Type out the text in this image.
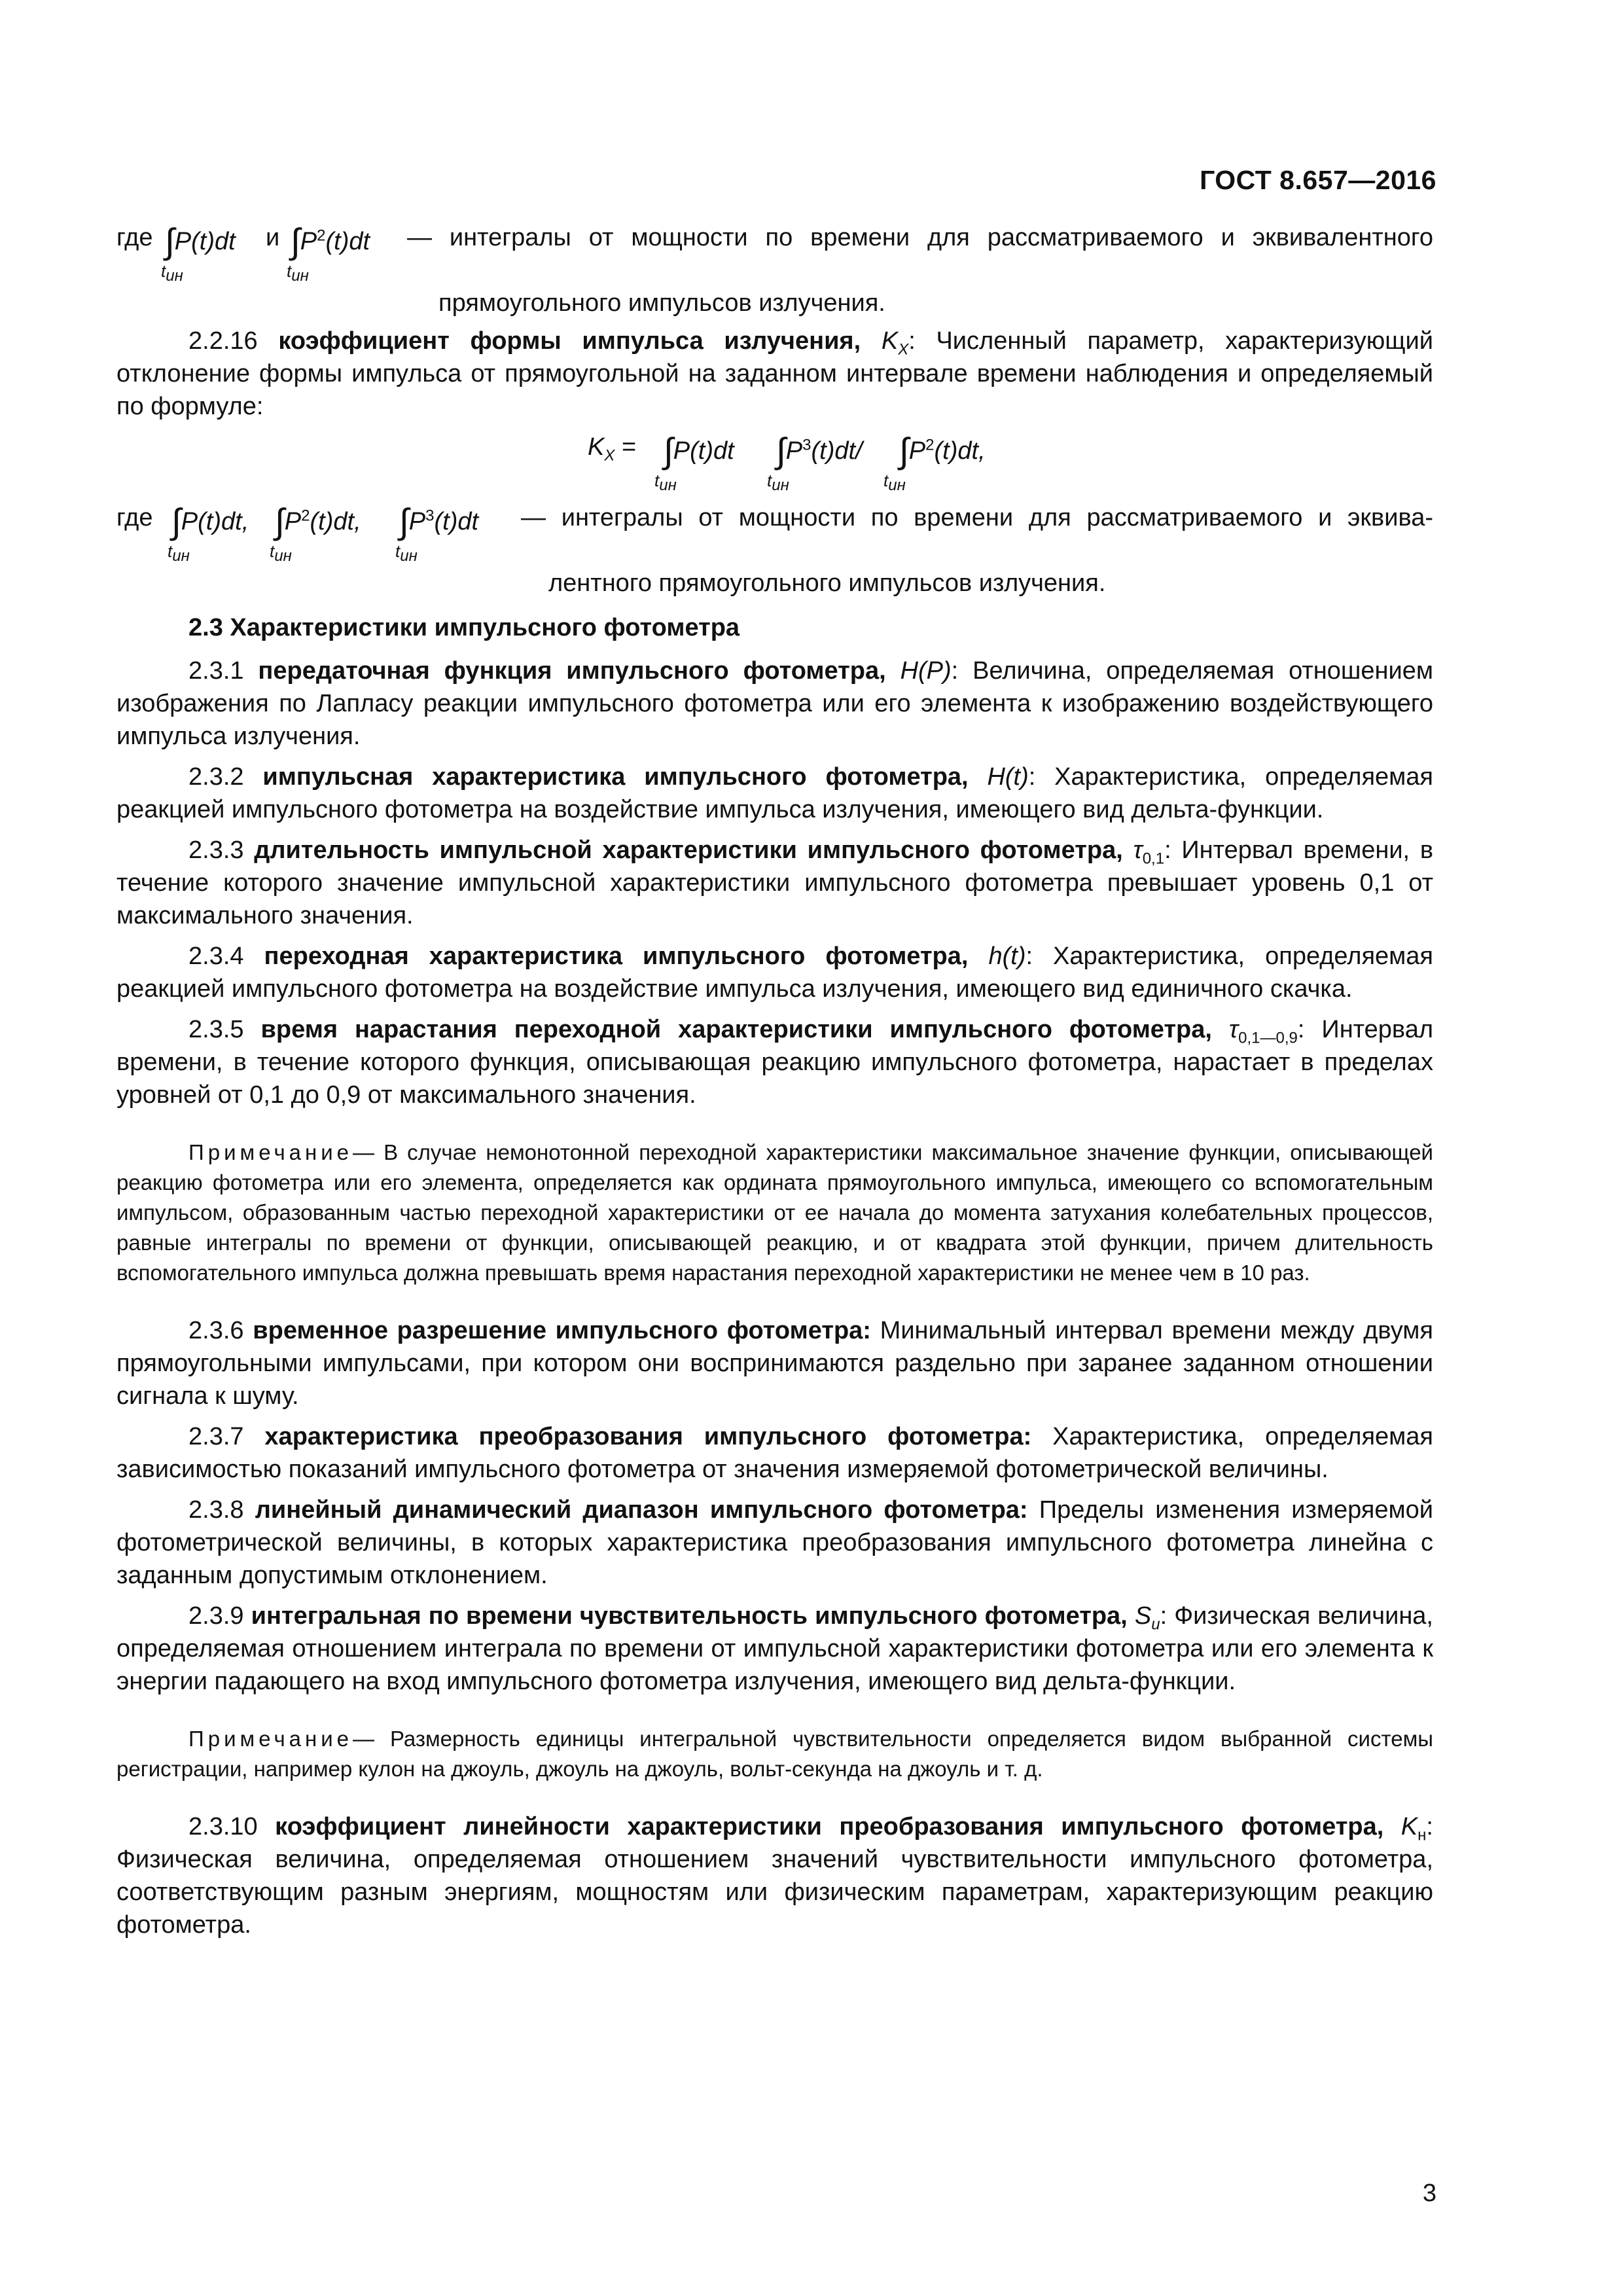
ГОСТ 8.657—2016
где ∫P(t)dt
$t_{ин}$
и $\int P^2(t)dt$
$t_{ин}$
— интегралы от мощности по времени для рассматриваемого и эквивалентного

прямоугольного импульсов излучения.

2.2.16 коэффициент формы импульса излучения, $K_X$: Численный параметр, характеризующий отклонение формы импульса от прямоугольной на заданном интервале времени наблюдения и определяемый по формуле:

$K_X = \int P(t)dt$
$t_{ин}$
$\int P^3(t)dt/$
$t_{ин}$
$\int P^2(t)dt$,
$t_{ин}$
где ∫P(t)dt,
$t_{ин}$
$\int P^2(t)dt$,
$t_{ин}$
$\int P^3(t)dt$
$t_{ин}$
— интегралы от мощности по времени для рассматриваемого и эквива-

лентного прямоугольного импульсов излучения.

2.3 Характеристики импульсного фотометра

2.3.1 передаточная функция импульсного фотометра, H(P): Величина, определяемая отношением изображения по Лапласу реакции импульсного фотометра или его элемента к изображению воздействующего импульса излучения.

2.3.2 импульсная характеристика импульсного фотометра, H(t): Характеристика, определяемая реакцией импульсного фотометра на воздействие импульса излучения, имеющего вид дельта-функции.

2.3.3 длительность импульсной характеристики импульсного фотометра, $\tau_{0,1}$: Интервал времени, в течение которого значение импульсной характеристики импульсного фотометра превышает уровень 0,1 от максимального значения.

2.3.4 переходная характеристика импульсного фотометра, h(t): Характеристика, определяемая реакцией импульсного фотометра на воздействие импульса излучения, имеющего вид единичного скачка.

2.3.5 время нарастания переходной характеристики импульсного фотометра, $\tau_{0,1—0,9}$: Интервал времени, в течение которого функция, описывающая реакцию импульсного фотометра, нарастает в пределах уровней от 0,1 до 0,9 от максимального значения.

Примечание— В случае немонотонной переходной характеристики максимальное значение функции, описывающей реакцию фотометра или его элемента, определяется как ордината прямоугольного импульса, имеющего со вспомогательным импульсом, образованным частью переходной характеристики от ее начала до момента затухания колебательных процессов, равные интегралы по времени от функции, описывающей реакцию, и от квадрата этой функции, причем длительность вспомогательного импульса должна превышать время нарастания переходной характеристики не менее чем в 10 раз.

2.3.6 временное разрешение импульсного фотометра: Минимальный интервал времени между двумя прямоугольными импульсами, при котором они воспринимаются раздельно при заранее заданном отношении сигнала к шуму.

2.3.7 характеристика преобразования импульсного фотометра: Характеристика, определяемая зависимостью показаний импульсного фотометра от значения измеряемой фотометрической величины.

2.3.8 линейный динамический диапазон импульсного фотометра: Пределы изменения измеряемой фотометрической величины, в которых характеристика преобразования импульсного фотометра линейна с заданным допустимым отклонением.

2.3.9 интегральная по времени чувствительность импульсного фотометра, $S_и$: Физическая величина, определяемая отношением интеграла по времени от импульсной характеристики фотометра или его элемента к энергии падающего на вход импульсного фотометра излучения, имеющего вид дельта-функции.

Примечание— Размерность единицы интегральной чувствительности определяется видом выбранной системы регистрации, например кулон на джоуль, джоуль на джоуль, вольт-секунда на джоуль и т. д.

2.3.10 коэффициент линейности характеристики преобразования импульсного фотометра, $K_н$: Физическая величина, определяемая отношением значений чувствительности импульсного фотометра, соответствующим разным энергиям, мощностям или физическим параметрам, характеризующим реакцию фотометра.

3
